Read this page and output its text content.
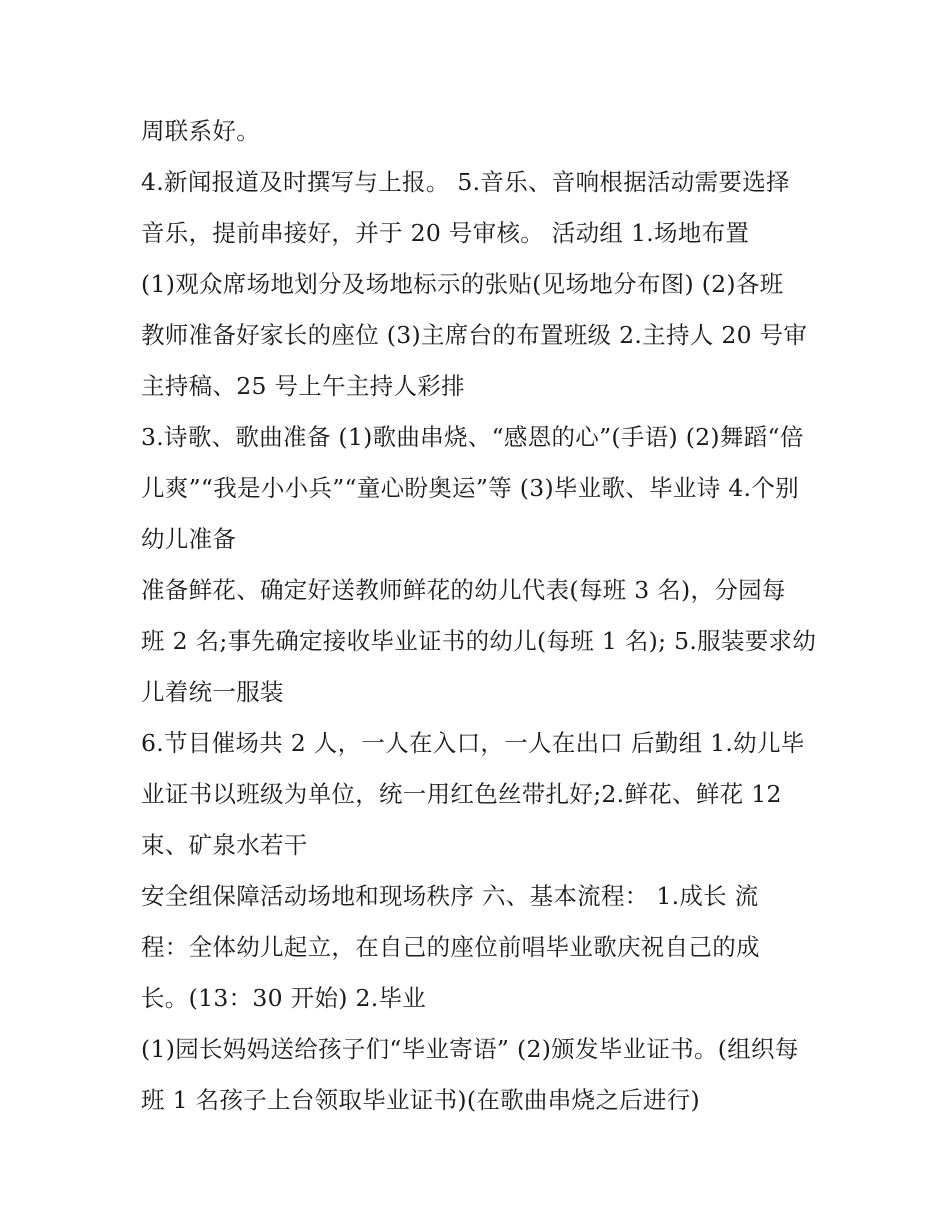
周联系好。
4.新闻报道及时撰写与上报。 5.音乐、音响根据活动需要选择
音乐，提前串接好，并于 20 号审核。 活动组 1.场地布置
(1)观众席场地划分及场地标示的张贴(见场地分布图) (2)各班
教师准备好家长的座位 (3)主席台的布置班级 2.主持人 20 号审
主持稿、25 号上午主持人彩排
3.诗歌、歌曲准备 (1)歌曲串烧、“感恩的心”(手语) (2)舞蹈“倍
儿爽”“我是小小兵”“童心盼奥运”等 (3)毕业歌、毕业诗 4.个别
幼儿准备
准备鲜花、确定好送教师鲜花的幼儿代表(每班 3 名)，分园每
班 2 名;事先确定接收毕业证书的幼儿(每班 1 名); 5.服装要求幼
儿着统一服装
6.节目催场共 2 人，一人在入口，一人在出口 后勤组 1.幼儿毕
业证书以班级为单位，统一用红色丝带扎好;2.鲜花、鲜花 12
束、矿泉水若干
安全组保障活动场地和现场秩序 六、基本流程： 1.成长 流
程：全体幼儿起立，在自己的座位前唱毕业歌庆祝自己的成
长。(13：30 开始) 2.毕业
(1)园长妈妈送给孩子们“毕业寄语” (2)颁发毕业证书。(组织每
班 1 名孩子上台领取毕业证书)(在歌曲串烧之后进行)
